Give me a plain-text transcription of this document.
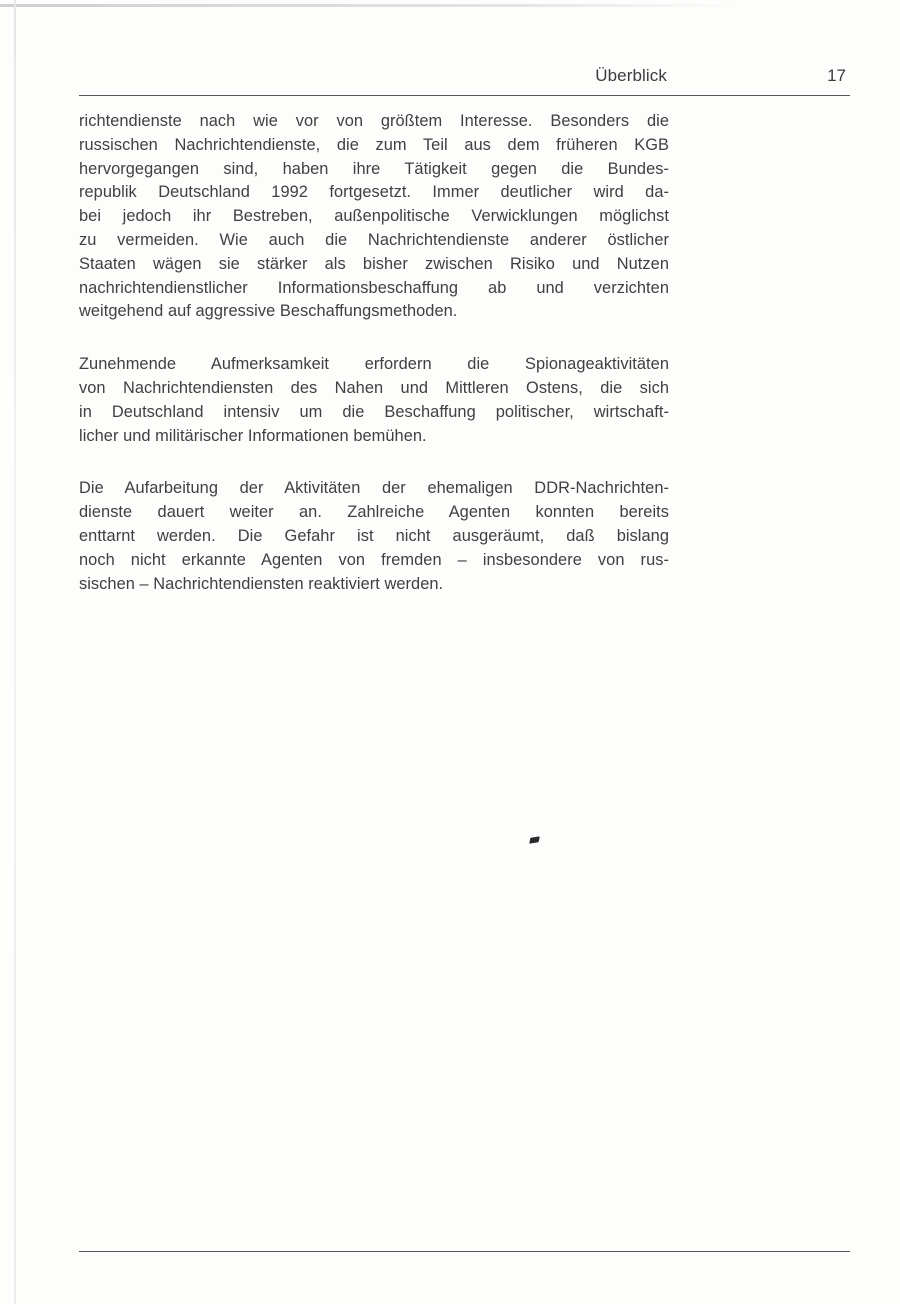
Überblick	17

richtendienste nach wie vor von größtem Interesse. Besonders die
russischen Nachrichtendienste, die zum Teil aus dem früheren KGB
hervorgegangen sind, haben ihre Tätigkeit gegen die Bundes-
republik Deutschland 1992 fortgesetzt. Immer deutlicher wird da-
bei jedoch ihr Bestreben, außenpolitische Verwicklungen möglichst
zu vermeiden. Wie auch die Nachrichtendienste anderer östlicher
Staaten wägen sie stärker als bisher zwischen Risiko und Nutzen
nachrichtendienstlicher Informationsbeschaffung ab und verzichten
weitgehend auf aggressive Beschaffungsmethoden.

Zunehmende Aufmerksamkeit erfordern die Spionageaktivitäten
von Nachrichtendiensten des Nahen und Mittleren Ostens, die sich
in Deutschland intensiv um die Beschaffung politischer, wirtschaft-
licher und militärischer Informationen bemühen.

Die Aufarbeitung der Aktivitäten der ehemaligen DDR-Nachrichten-
dienste dauert weiter an. Zahlreiche Agenten konnten bereits
enttarnt werden. Die Gefahr ist nicht ausgeräumt, daß bislang
noch nicht erkannte Agenten von fremden – insbesondere von rus-
sischen – Nachrichtendiensten reaktiviert werden.
